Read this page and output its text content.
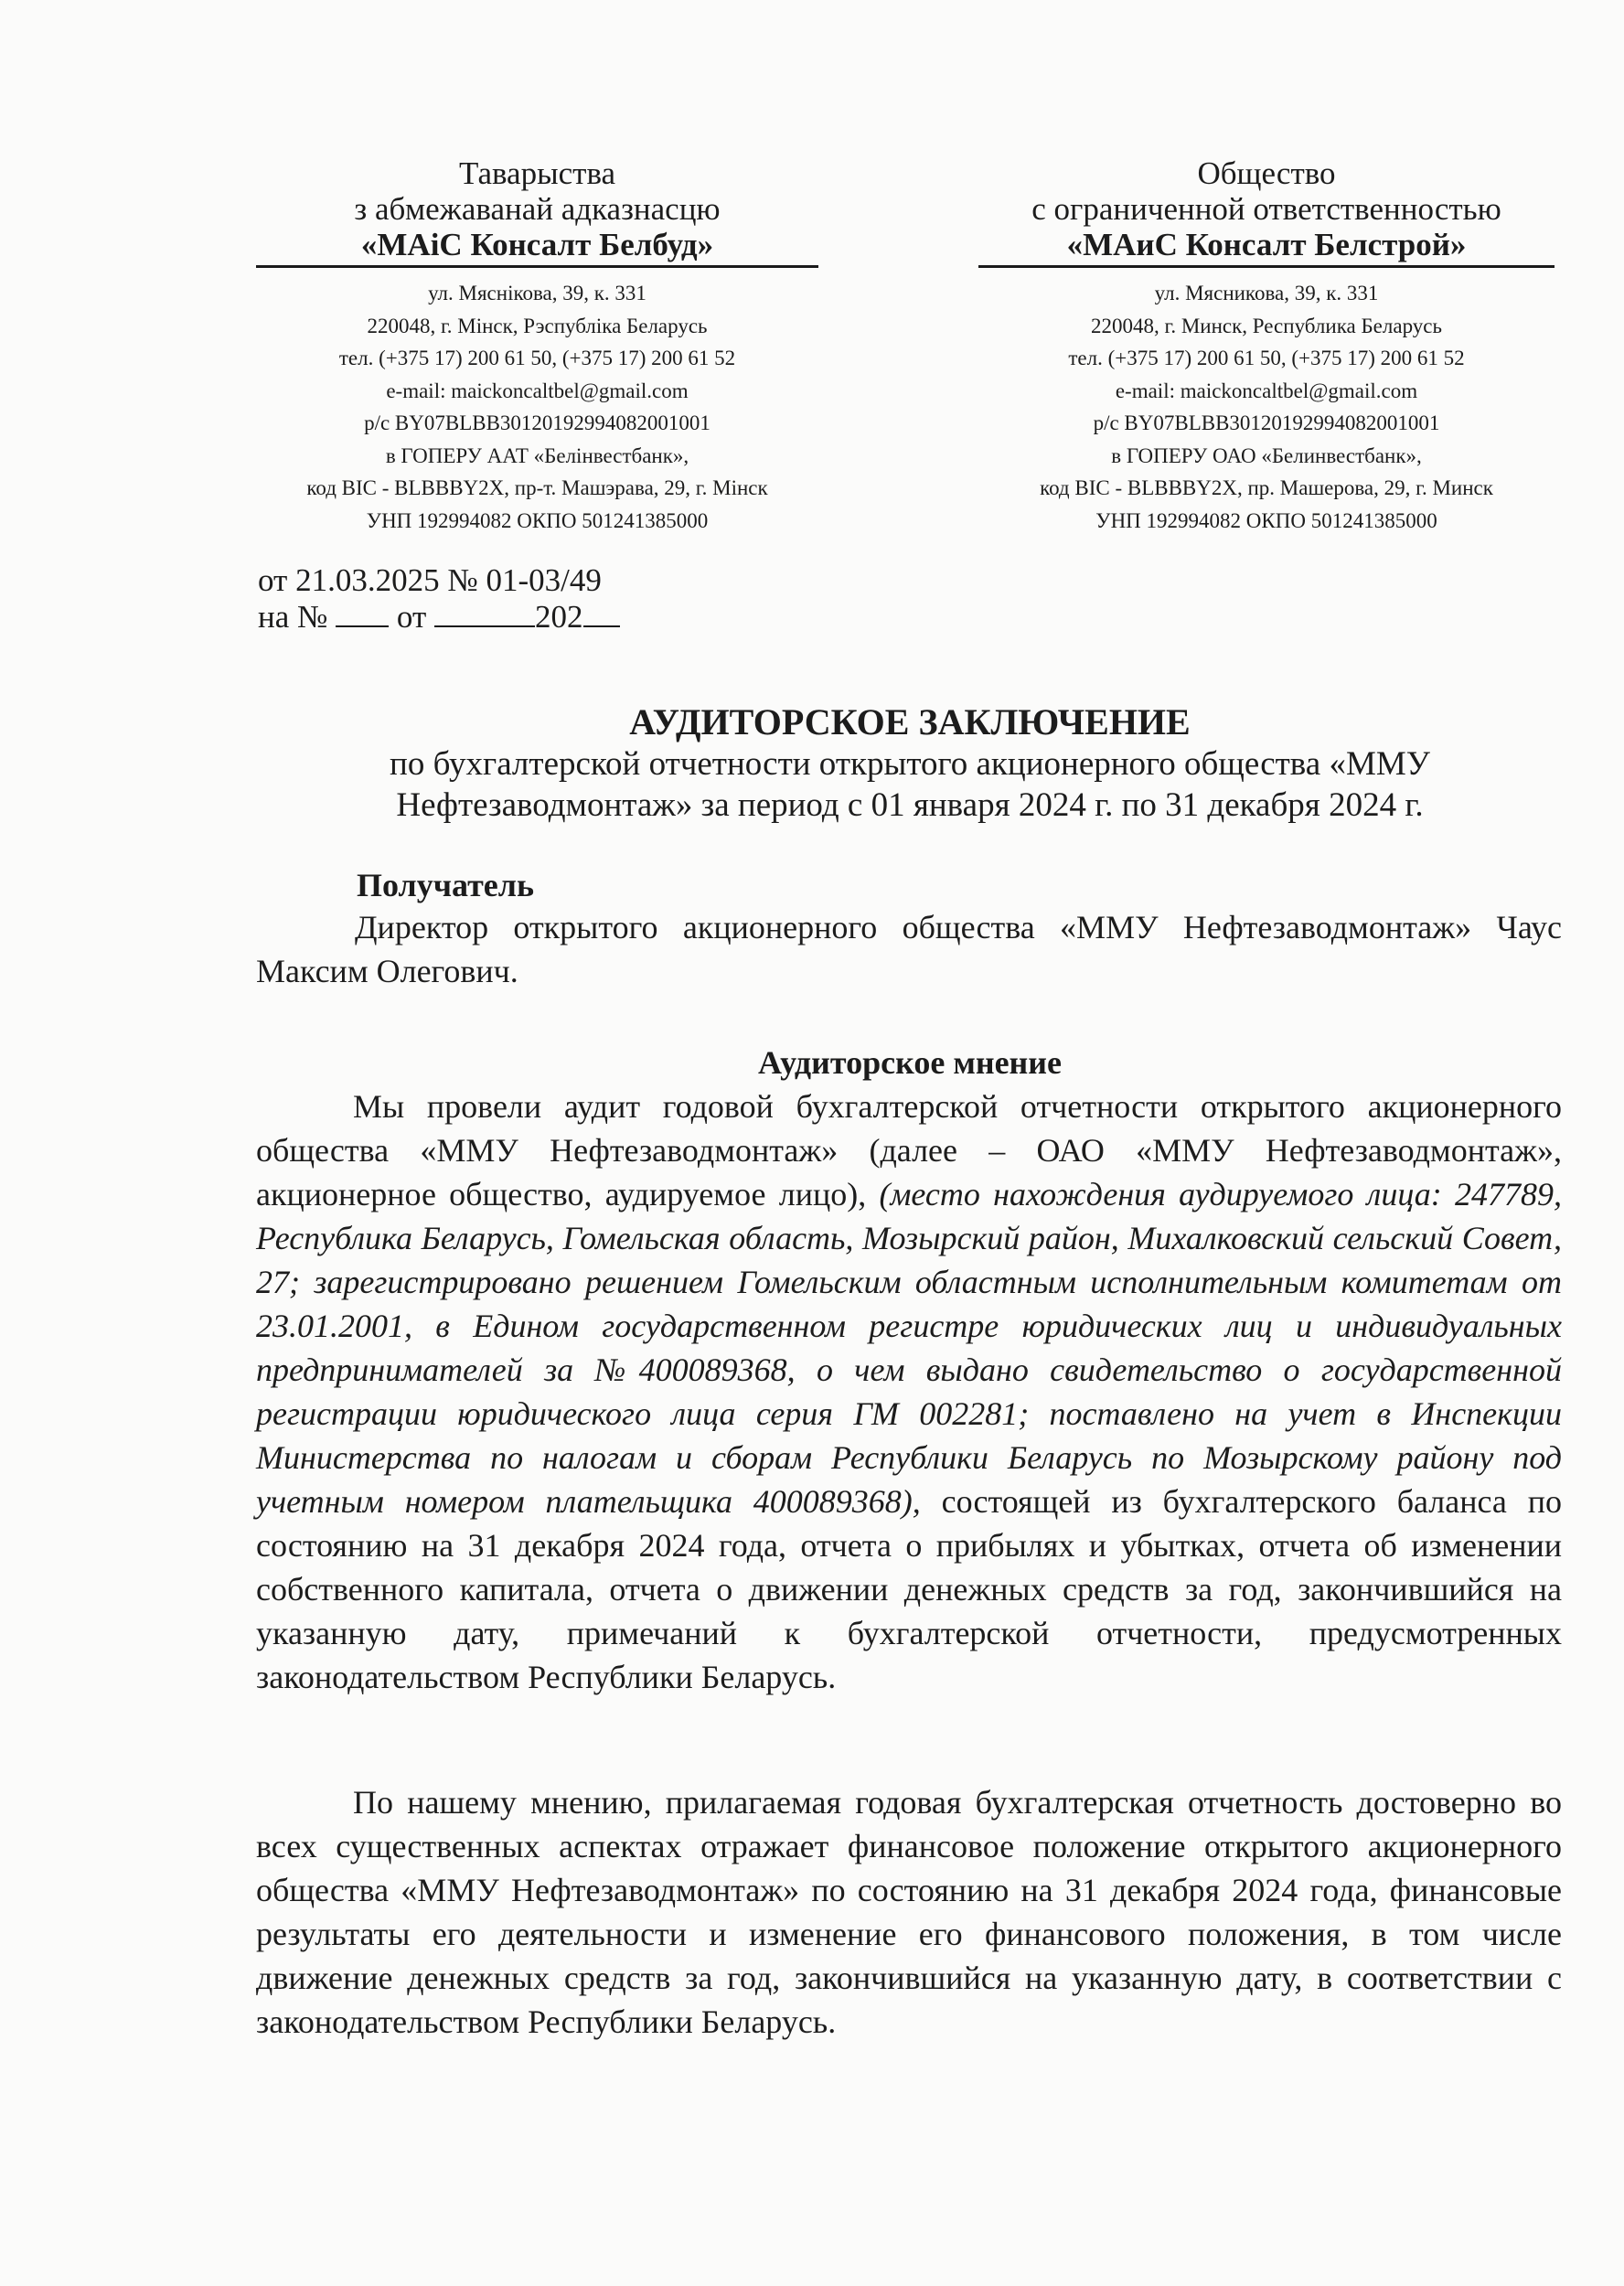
Таварыства
з абмежаванай адказнасцю
«МАіС Консалт Белбуд»
ул. Мяснікова, 39, к. 331
220048, г. Мінск, Рэспубліка Беларусь
тел. (+375 17) 200 61 50, (+375 17) 200 61 52
e-mail: maickoncaltbel@gmail.com
р/с BY07BLBB30120192994082001001
в ГОПЕРУ ААТ «Белінвестбанк»,
код BIC - BLBBBY2X, пр-т. Машэрава, 29, г. Мінск
УНП 192994082 ОКПО 501241385000
Общество
с ограниченной ответственностью
«МАиС Консалт Белстрой»
ул. Мясникова, 39, к. 331
220048, г. Минск, Республика Беларусь
тел. (+375 17) 200 61 50, (+375 17) 200 61 52
e-mail: maickoncaltbel@gmail.com
р/с BY07BLBB30120192994082001001
в ГОПЕРУ ОАО «Белинвестбанк»,
код BIC - BLBBBY2X, пр. Машерова, 29, г. Минск
УНП 192994082 ОКПО 501241385000
от 21.03.2025 № 01-03/49
на № от	202
АУДИТОРСКОЕ ЗАКЛЮЧЕНИЕ
по бухгалтерской отчетности открытого акционерного общества «ММУ
Нефтезаводмонтаж» за период с 01 января 2024 г. по 31 декабря 2024 г.
Получатель
Директор открытого акционерного общества «ММУ Нефтезаводмонтаж» Чаус Максим Олегович.
Аудиторское мнение
Мы провели аудит годовой бухгалтерской отчетности открытого акционерного общества «ММУ Нефтезаводмонтаж» (далее – ОАО «ММУ Нефтезаводмонтаж», акционерное общество, аудируемое лицо), (место нахождения аудируемого лица: 247789, Республика Беларусь, Гомельская область, Мозырский район, Михалковский сельский Совет, 27; зарегистрировано решением Гомельским областным исполнительным комитетам от 23.01.2001, в Едином государственном регистре юридических лиц и индивидуальных предпринимателей за №400089368, о чем выдано свидетельство о государственной регистрации юридического лица серия ГМ 002281; поставлено на учет в Инспекции Министерства по налогам и сборам Республики Беларусь по Мозырскому району под учетным номером плательщика 400089368), состоящей из бухгалтерского баланса по состоянию на 31 декабря 2024 года, отчета о прибылях и убытках, отчета об изменении собственного капитала, отчета о движении денежных средств за год, закончившийся на указанную дату, примечаний к бухгалтерской отчетности, предусмотренных законодательством Республики Беларусь.
По нашему мнению, прилагаемая годовая бухгалтерская отчетность достоверно во всех существенных аспектах отражает финансовое положение открытого акционерного общества «ММУ Нефтезаводмонтаж» по состоянию на 31 декабря 2024 года, финансовые результаты его деятельности и изменение его финансового положения, в том числе движение денежных средств за год, закончившийся на указанную дату, в соответствии с законодательством Республики Беларусь.
